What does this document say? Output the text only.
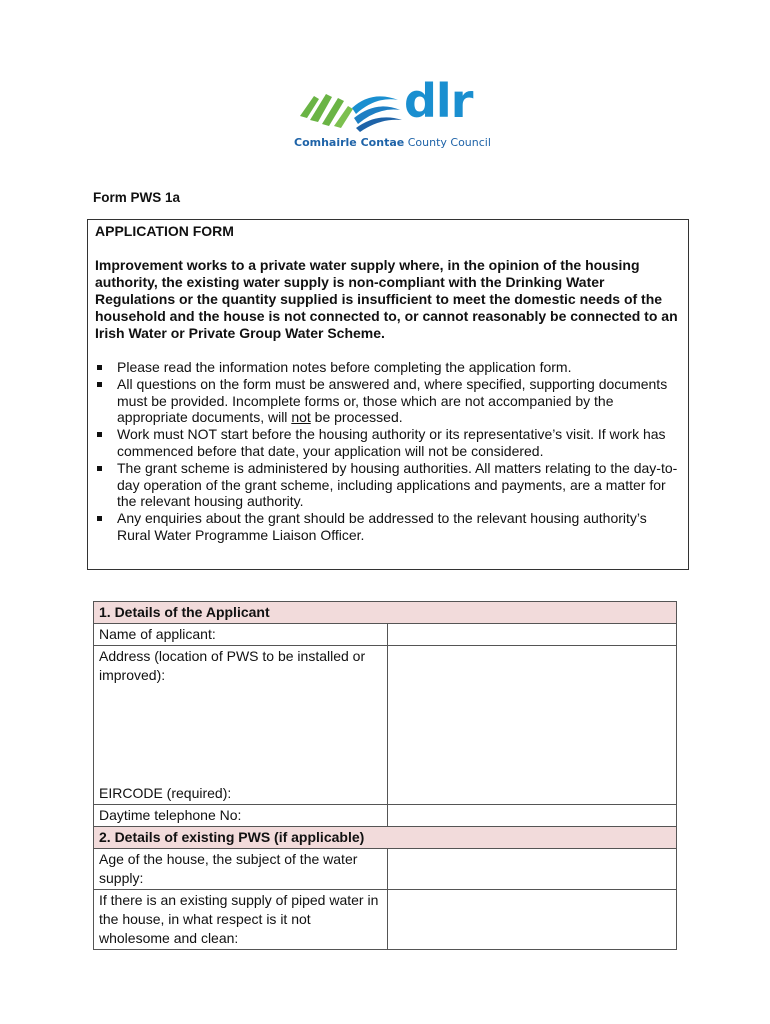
dlr
Comhairle Contae County Council
Form PWS 1a
APPLICATION FORM
Improvement works to a private water supply where, in the opinion of the housing authority, the existing water supply is non-compliant with the Drinking Water Regulations or the quantity supplied is insufficient to meet the domestic needs of the household and the house is not connected to, or cannot reasonably be connected to an Irish Water or Private Group Water Scheme.
Please read the information notes before completing the application form.
All questions on the form must be answered and, where specified, supporting documents must be provided. Incomplete forms or, those which are not accompanied by the appropriate documents, will not be processed.
Work must NOT start before the housing authority or its representative’s visit. If work has commenced before that date, your application will not be considered.
The grant scheme is administered by housing authorities. All matters relating to the day-to-day operation of the grant scheme, including applications and payments, are a matter for the relevant housing authority.
Any enquiries about the grant should be addressed to the relevant housing authority’s Rural Water Programme Liaison Officer.
1. Details of the Applicant	
Name of applicant:	

Address (location of PWS to be installed or improved):
EIRCODE (required):	

Daytime telephone No:	
2. Details of existing PWS (if applicable)	
Age of the house, the subject of the water supply:	
If there is an existing supply of piped water in the house, in what respect is it not wholesome and clean:	
